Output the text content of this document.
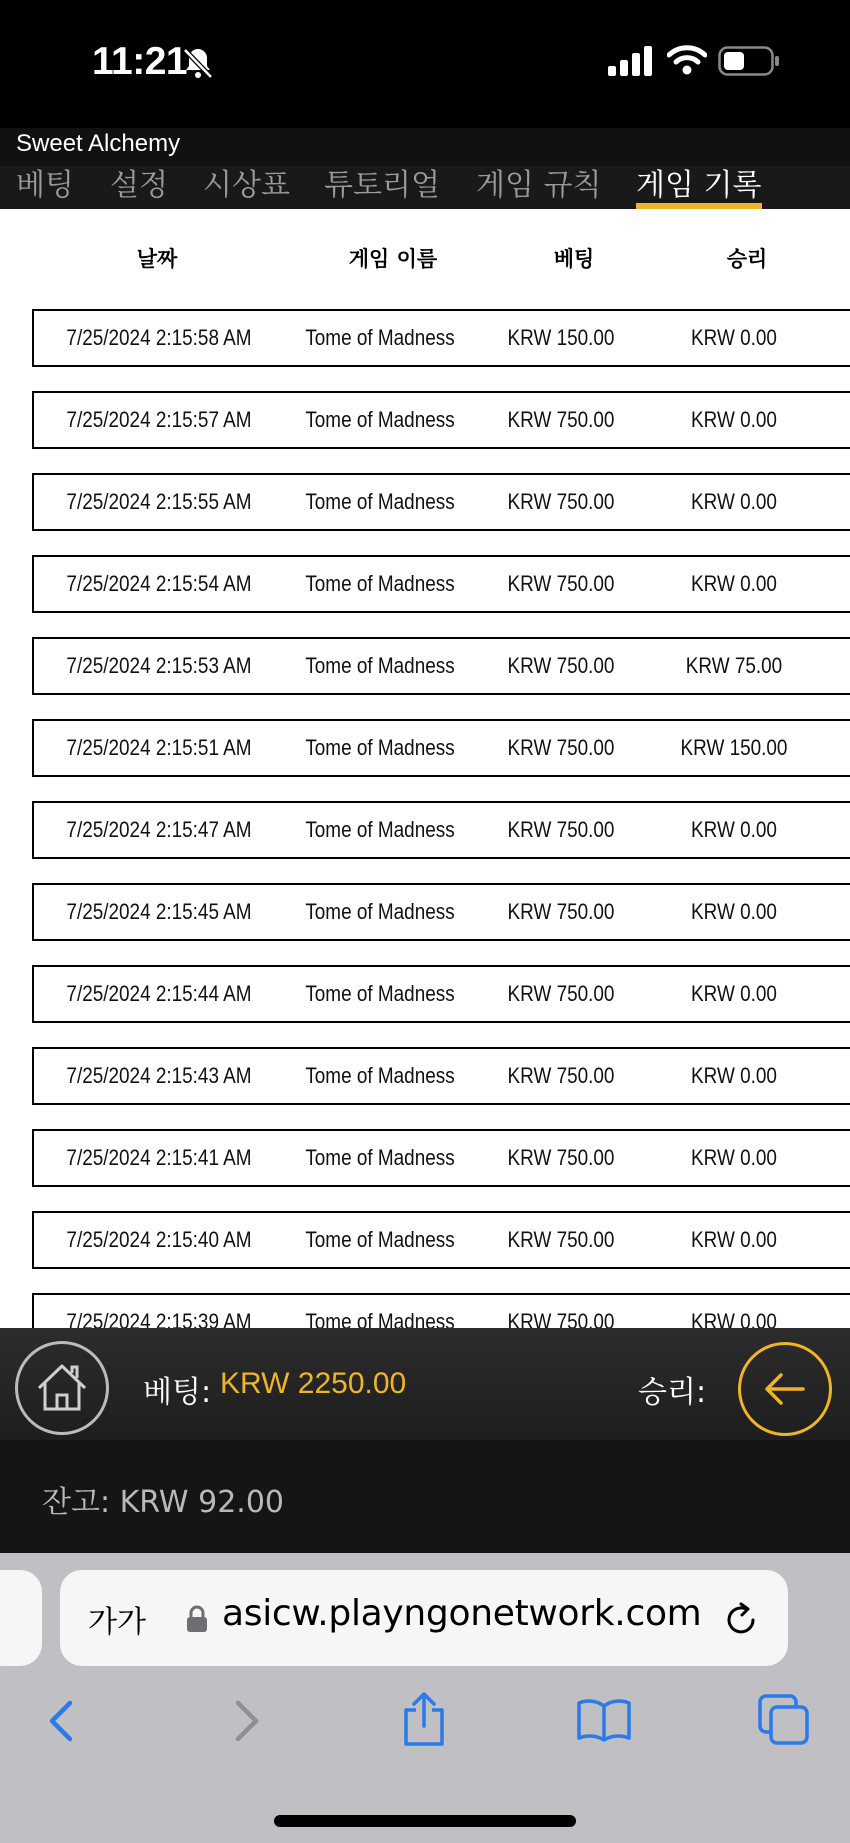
11:21
Sweet Alchemy
베팅 설정 시상표 튜토리얼 게임 규칙 게임 기록
날짜	게임 이름	베팅	승리
7/25/2024 2:15:58 AM	Tome of Madness	KRW 150.00	KRW 0.00
7/25/2024 2:15:57 AM	Tome of Madness	KRW 750.00	KRW 0.00
7/25/2024 2:15:55 AM	Tome of Madness	KRW 750.00	KRW 0.00
7/25/2024 2:15:54 AM	Tome of Madness	KRW 750.00	KRW 0.00
7/25/2024 2:15:53 AM	Tome of Madness	KRW 750.00	KRW 75.00
7/25/2024 2:15:51 AM	Tome of Madness	KRW 750.00	KRW 150.00
7/25/2024 2:15:47 AM	Tome of Madness	KRW 750.00	KRW 0.00
7/25/2024 2:15:45 AM	Tome of Madness	KRW 750.00	KRW 0.00
7/25/2024 2:15:44 AM	Tome of Madness	KRW 750.00	KRW 0.00
7/25/2024 2:15:43 AM	Tome of Madness	KRW 750.00	KRW 0.00
7/25/2024 2:15:41 AM	Tome of Madness	KRW 750.00	KRW 0.00
7/25/2024 2:15:40 AM	Tome of Madness	KRW 750.00	KRW 0.00
7/25/2024 2:15:39 AM	Tome of Madness	KRW 750.00	KRW 0.00
베팅: KRW 2250.00	승리:
잔고: KRW 92.00
가가 asicw.playngonetwork.com
